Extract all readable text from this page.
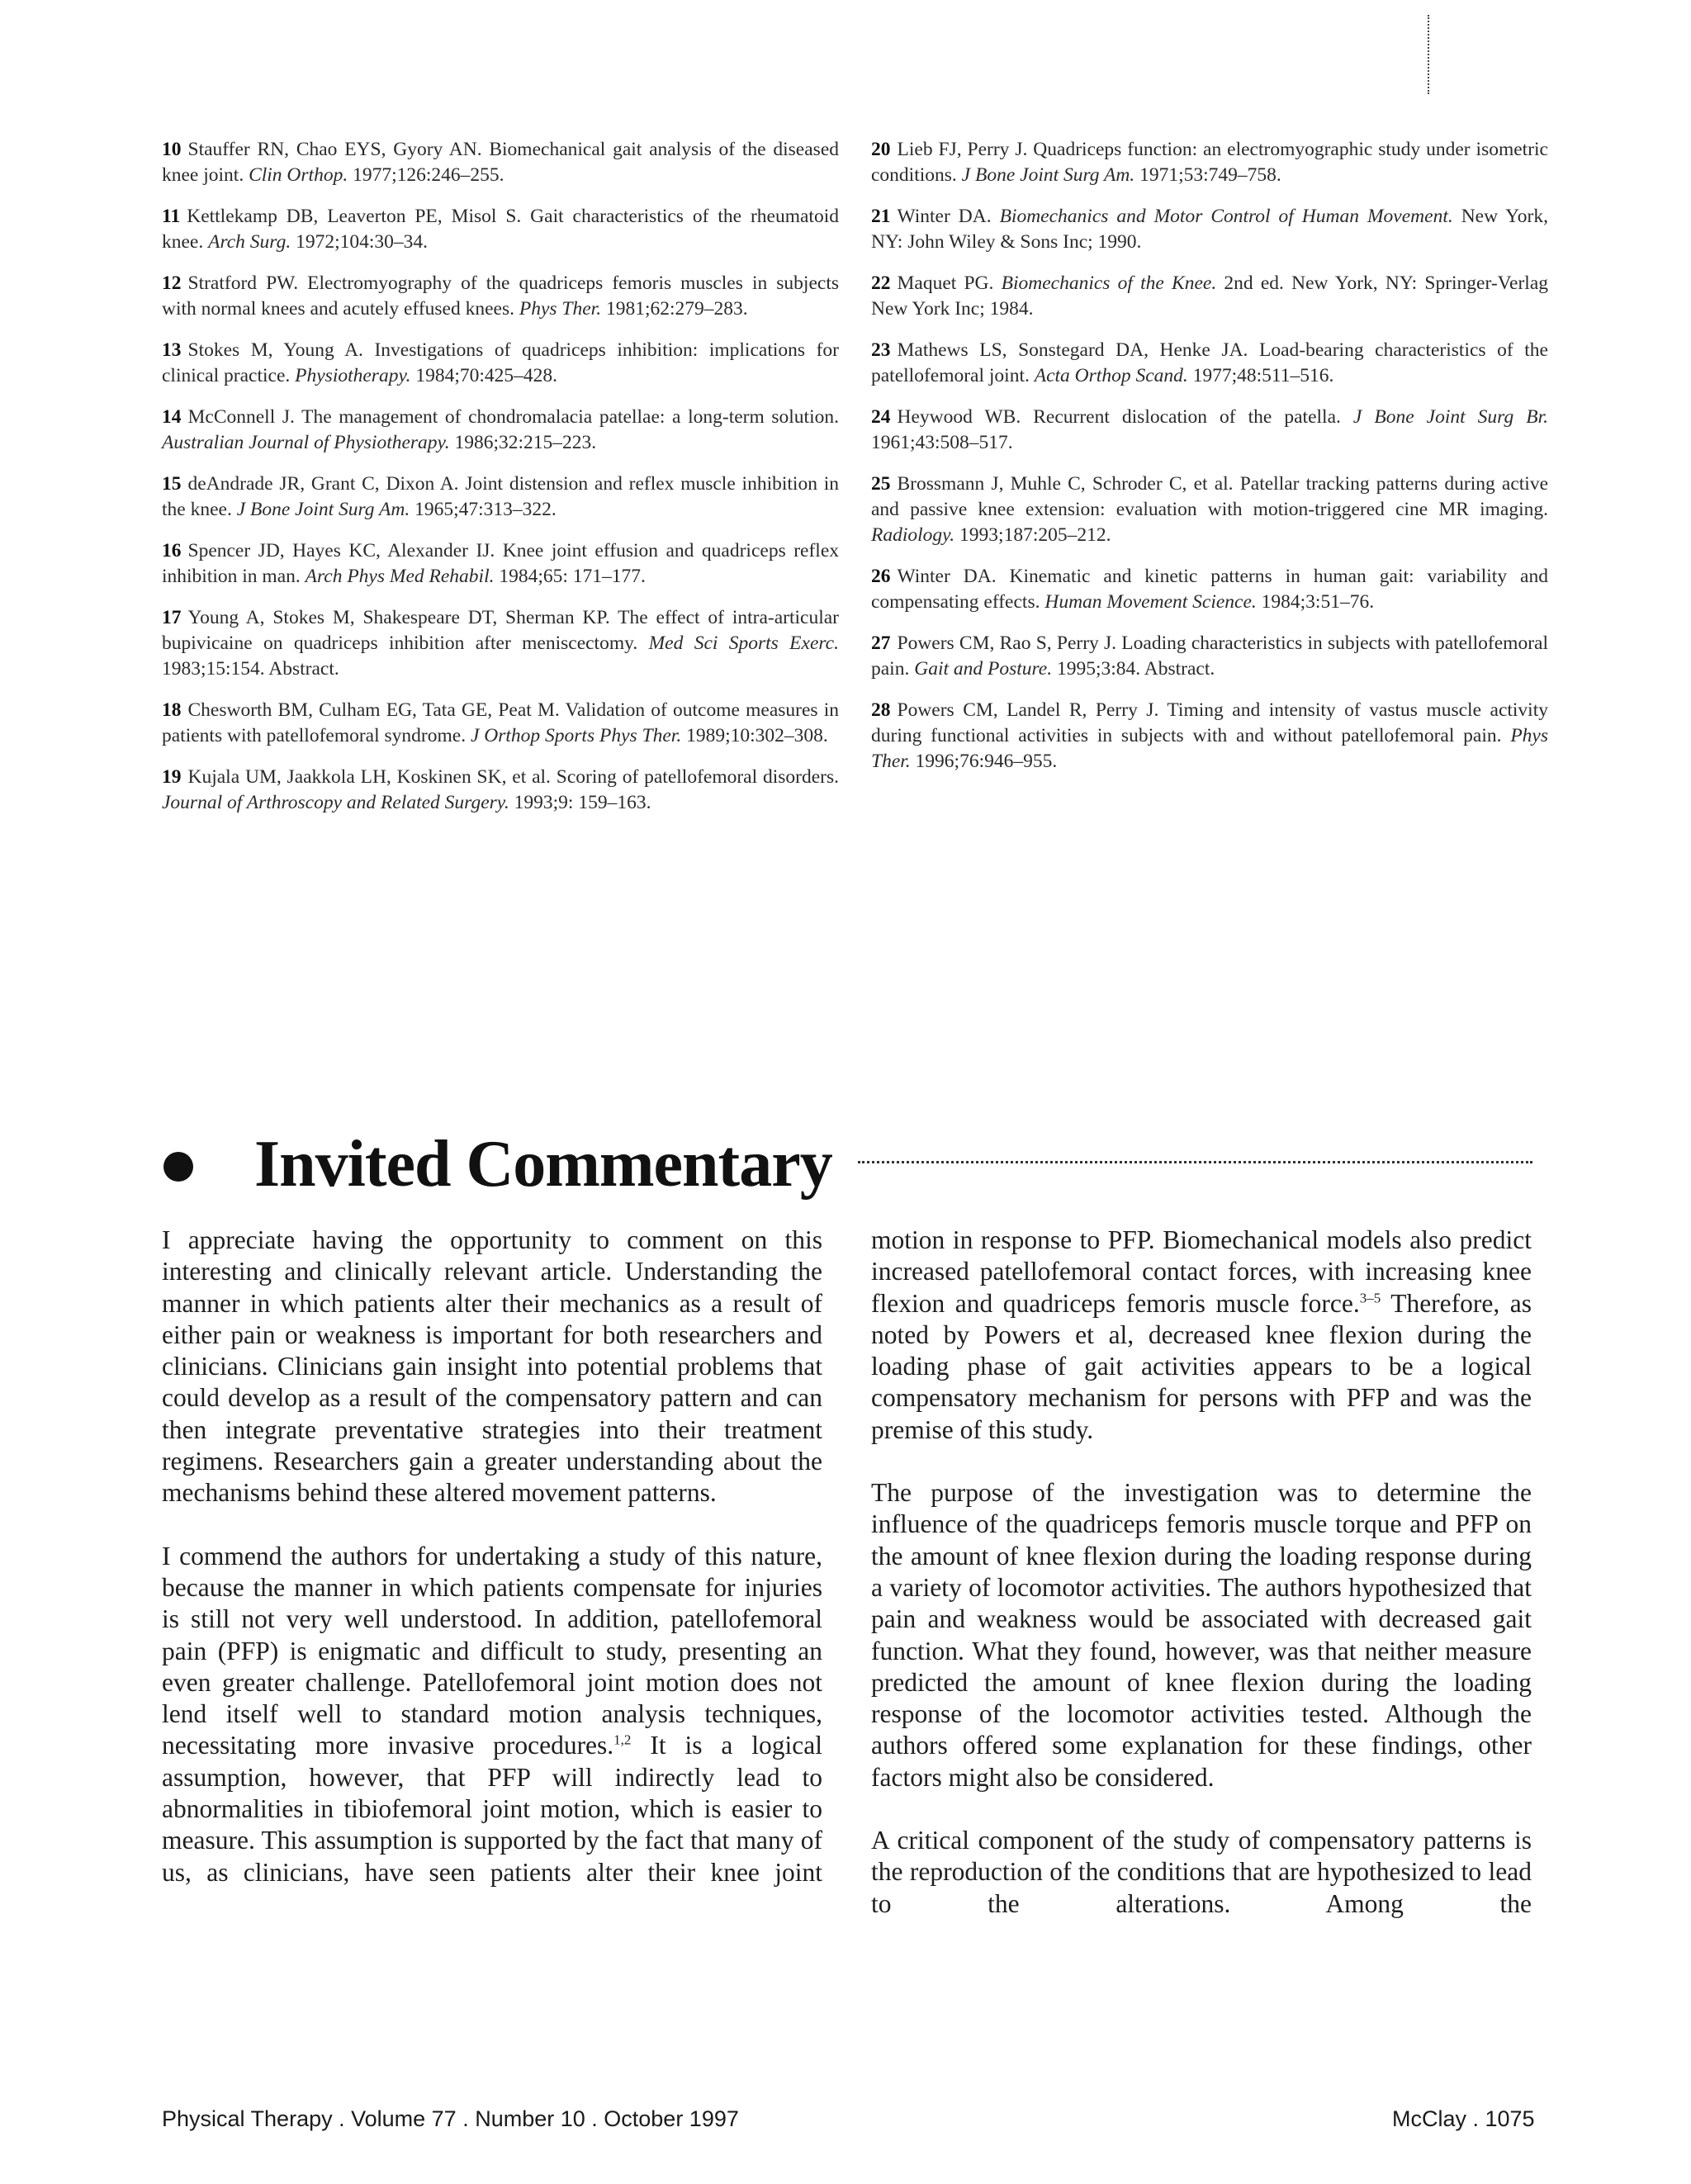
10 Stauffer RN, Chao EYS, Gyory AN. Biomechanical gait analysis of the diseased knee joint. Clin Orthop. 1977;126:246–255.

11 Kettlekamp DB, Leaverton PE, Misol S. Gait characteristics of the rheumatoid knee. Arch Surg. 1972;104:30–34.

12 Stratford PW. Electromyography of the quadriceps femoris muscles in subjects with normal knees and acutely effused knees. Phys Ther. 1981;62:279–283.

13 Stokes M, Young A. Investigations of quadriceps inhibition: implications for clinical practice. Physiotherapy. 1984;70:425–428.

14 McConnell J. The management of chondromalacia patellae: a long-term solution. Australian Journal of Physiotherapy. 1986;32:215–223.

15 deAndrade JR, Grant C, Dixon A. Joint distension and reflex muscle inhibition in the knee. J Bone Joint Surg Am. 1965;47:313–322.

16 Spencer JD, Hayes KC, Alexander IJ. Knee joint effusion and quadriceps reflex inhibition in man. Arch Phys Med Rehabil. 1984;65: 171–177.

17 Young A, Stokes M, Shakespeare DT, Sherman KP. The effect of intra-articular bupivicaine on quadriceps inhibition after meniscectomy. Med Sci Sports Exerc. 1983;15:154. Abstract.

18 Chesworth BM, Culham EG, Tata GE, Peat M. Validation of outcome measures in patients with patellofemoral syndrome. J Orthop Sports Phys Ther. 1989;10:302–308.

19 Kujala UM, Jaakkola LH, Koskinen SK, et al. Scoring of patellofemoral disorders. Journal of Arthroscopy and Related Surgery. 1993;9: 159–163.

20 Lieb FJ, Perry J. Quadriceps function: an electromyographic study under isometric conditions. J Bone Joint Surg Am. 1971;53:749–758.

21 Winter DA. Biomechanics and Motor Control of Human Movement. New York, NY: John Wiley & Sons Inc; 1990.

22 Maquet PG. Biomechanics of the Knee. 2nd ed. New York, NY: Springer-Verlag New York Inc; 1984.

23 Mathews LS, Sonstegard DA, Henke JA. Load-bearing characteristics of the patellofemoral joint. Acta Orthop Scand. 1977;48:511–516.

24 Heywood WB. Recurrent dislocation of the patella. J Bone Joint Surg Br. 1961;43:508–517.

25 Brossmann J, Muhle C, Schroder C, et al. Patellar tracking patterns during active and passive knee extension: evaluation with motion-triggered cine MR imaging. Radiology. 1993;187:205–212.

26 Winter DA. Kinematic and kinetic patterns in human gait: variability and compensating effects. Human Movement Science. 1984;3:51–76.

27 Powers CM, Rao S, Perry J. Loading characteristics in subjects with patellofemoral pain. Gait and Posture. 1995;3:84. Abstract.

28 Powers CM, Landel R, Perry J. Timing and intensity of vastus muscle activity during functional activities in subjects with and without patellofemoral pain. Phys Ther. 1996;76:946–955.

Invited Commentary

I appreciate having the opportunity to comment on this interesting and clinically relevant article. Understanding the manner in which patients alter their mechanics as a result of either pain or weakness is important for both researchers and clinicians. Clinicians gain insight into potential problems that could develop as a result of the compensatory pattern and can then integrate preventative strategies into their treatment regimens. Researchers gain a greater understanding about the mechanisms behind these altered movement patterns.

I commend the authors for undertaking a study of this nature, because the manner in which patients compensate for injuries is still not very well understood. In addition, patellofemoral pain (PFP) is enigmatic and difficult to study, presenting an even greater challenge. Patellofemoral joint motion does not lend itself well to standard motion analysis techniques, necessitating more invasive procedures.$^{1,2}$ It is a logical assumption, however, that PFP will indirectly lead to abnormalities in tibiofemoral joint motion, which is easier to measure. This assumption is supported by the fact that many of us, as clinicians, have seen patients alter their knee joint

motion in response to PFP. Biomechanical models also predict increased patellofemoral contact forces, with increasing knee flexion and quadriceps femoris muscle force.$^{3-5}$ Therefore, as noted by Powers et al, decreased knee flexion during the loading phase of gait activities appears to be a logical compensatory mechanism for persons with PFP and was the premise of this study.

The purpose of the investigation was to determine the influence of the quadriceps femoris muscle torque and PFP on the amount of knee flexion during the loading response during a variety of locomotor activities. The authors hypothesized that pain and weakness would be associated with decreased gait function. What they found, however, was that neither measure predicted the amount of knee flexion during the loading response of the locomotor activities tested. Although the authors offered some explanation for these findings, other factors might also be considered.

A critical component of the study of compensatory patterns is the reproduction of the conditions that are hypothesized to lead to the alterations. Among the

Physical Therapy . Volume 77 . Number 10 . October 1997	McClay . 1075
